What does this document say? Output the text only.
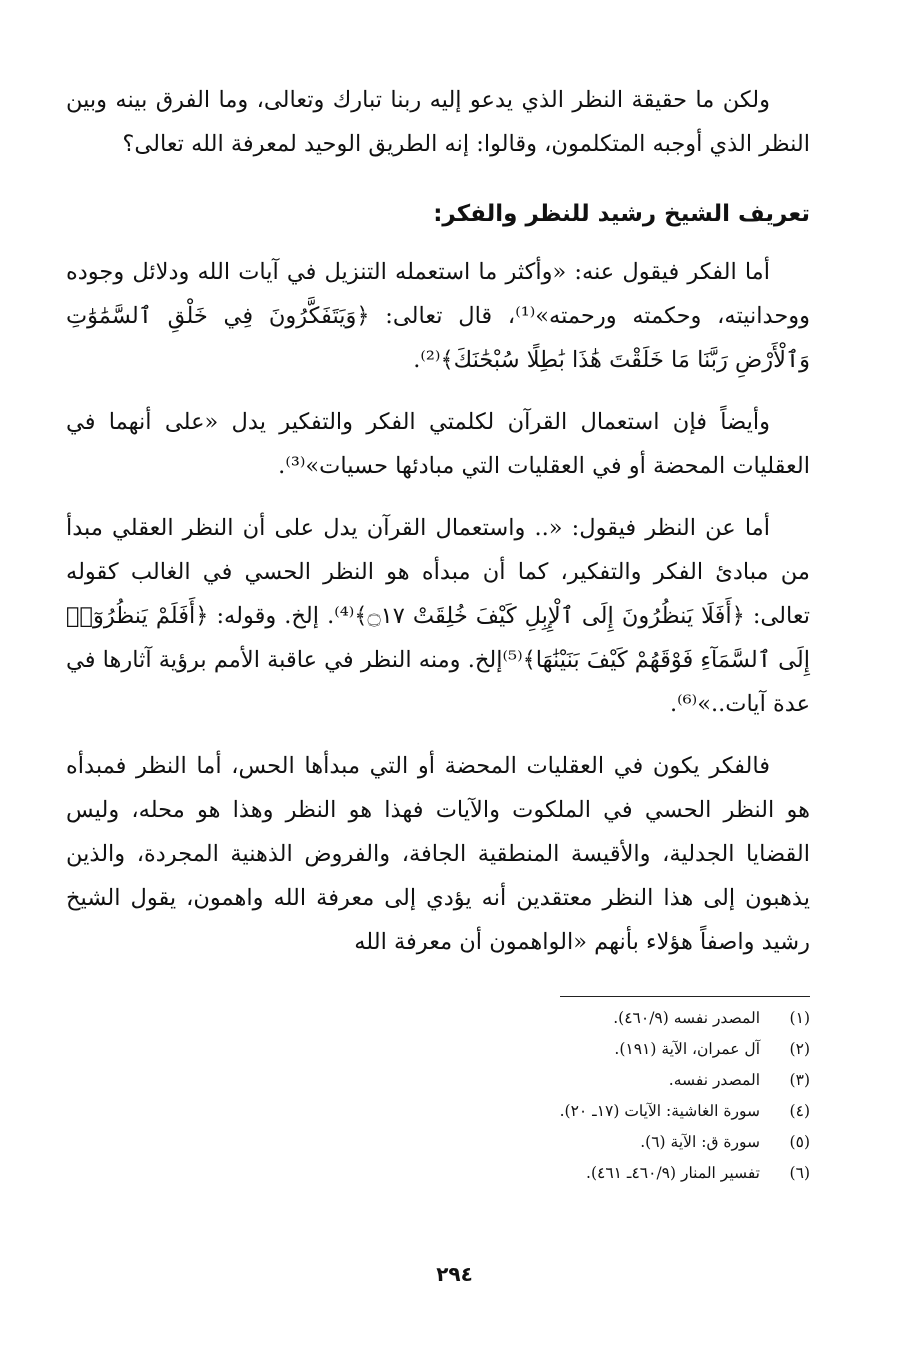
ولكن ما حقيقة النظر الذي يدعو إليه ربنا تبارك وتعالى، وما الفرق بينه وبين النظر الذي أوجبه المتكلمون، وقالوا: إنه الطريق الوحيد لمعرفة الله تعالى؟

تعريف الشيخ رشيد للنظر والفكر:

أما الفكر فيقول عنه: «وأكثر ما استعمله التنزيل في آيات الله ودلائل وجوده ووحدانيته، وحكمته ورحمته»⁽¹⁾، قال تعالى: ﴿وَيَتَفَكَّرُونَ فِي خَلْقِ ٱلسَّمَٰوَٰتِ وَٱلْأَرْضِ رَبَّنَا مَا خَلَقْتَ هَٰذَا بَٰطِلًا سُبْحَٰنَكَ﴾⁽²⁾.

وأيضاً فإن استعمال القرآن لكلمتي الفكر والتفكير يدل «على أنهما في العقليات المحضة أو في العقليات التي مبادئها حسيات»⁽³⁾.

أما عن النظر فيقول: «.. واستعمال القرآن يدل على أن النظر العقلي مبدأ من مبادئ الفكر والتفكير، كما أن مبدأه هو النظر الحسي في الغالب كقوله تعالى: ﴿أَفَلَا يَنظُرُونَ إِلَى ٱلْإِبِلِ كَيْفَ خُلِقَتْ ۝١٧﴾⁽⁴⁾. إلخ. وقوله: ﴿أَفَلَمْ يَنظُرُوٓا۟ إِلَى ٱلسَّمَآءِ فَوْقَهُمْ كَيْفَ بَنَيْنَٰهَا﴾⁽⁵⁾إلخ. ومنه النظر في عاقبة الأمم برؤية آثارها في عدة آيات..»⁽⁶⁾.

فالفكر يكون في العقليات المحضة أو التي مبدأها الحس، أما النظر فمبدأه هو النظر الحسي في الملكوت والآيات فهذا هو النظر وهذا هو محله، وليس القضايا الجدلية، والأقيسة المنطقية الجافة، والفروض الذهنية المجردة، والذين يذهبون إلى هذا النظر معتقدين أنه يؤدي إلى معرفة الله واهمون، يقول الشيخ رشيد واصفاً هؤلاء بأنهم «الواهمون أن معرفة الله

(١)
المصدر نفسه (٤٦٠/٩).
(٢)
آل عمران، الآية (١٩١).
(٣)
المصدر نفسه.
(٤)
سورة الغاشية: الآيات (١٧ـ ٢٠).
(٥)
سورة ق: الآية (٦).
(٦)
تفسير المنار (٤٦٠/٩ـ ٤٦١).
٢٩٤
